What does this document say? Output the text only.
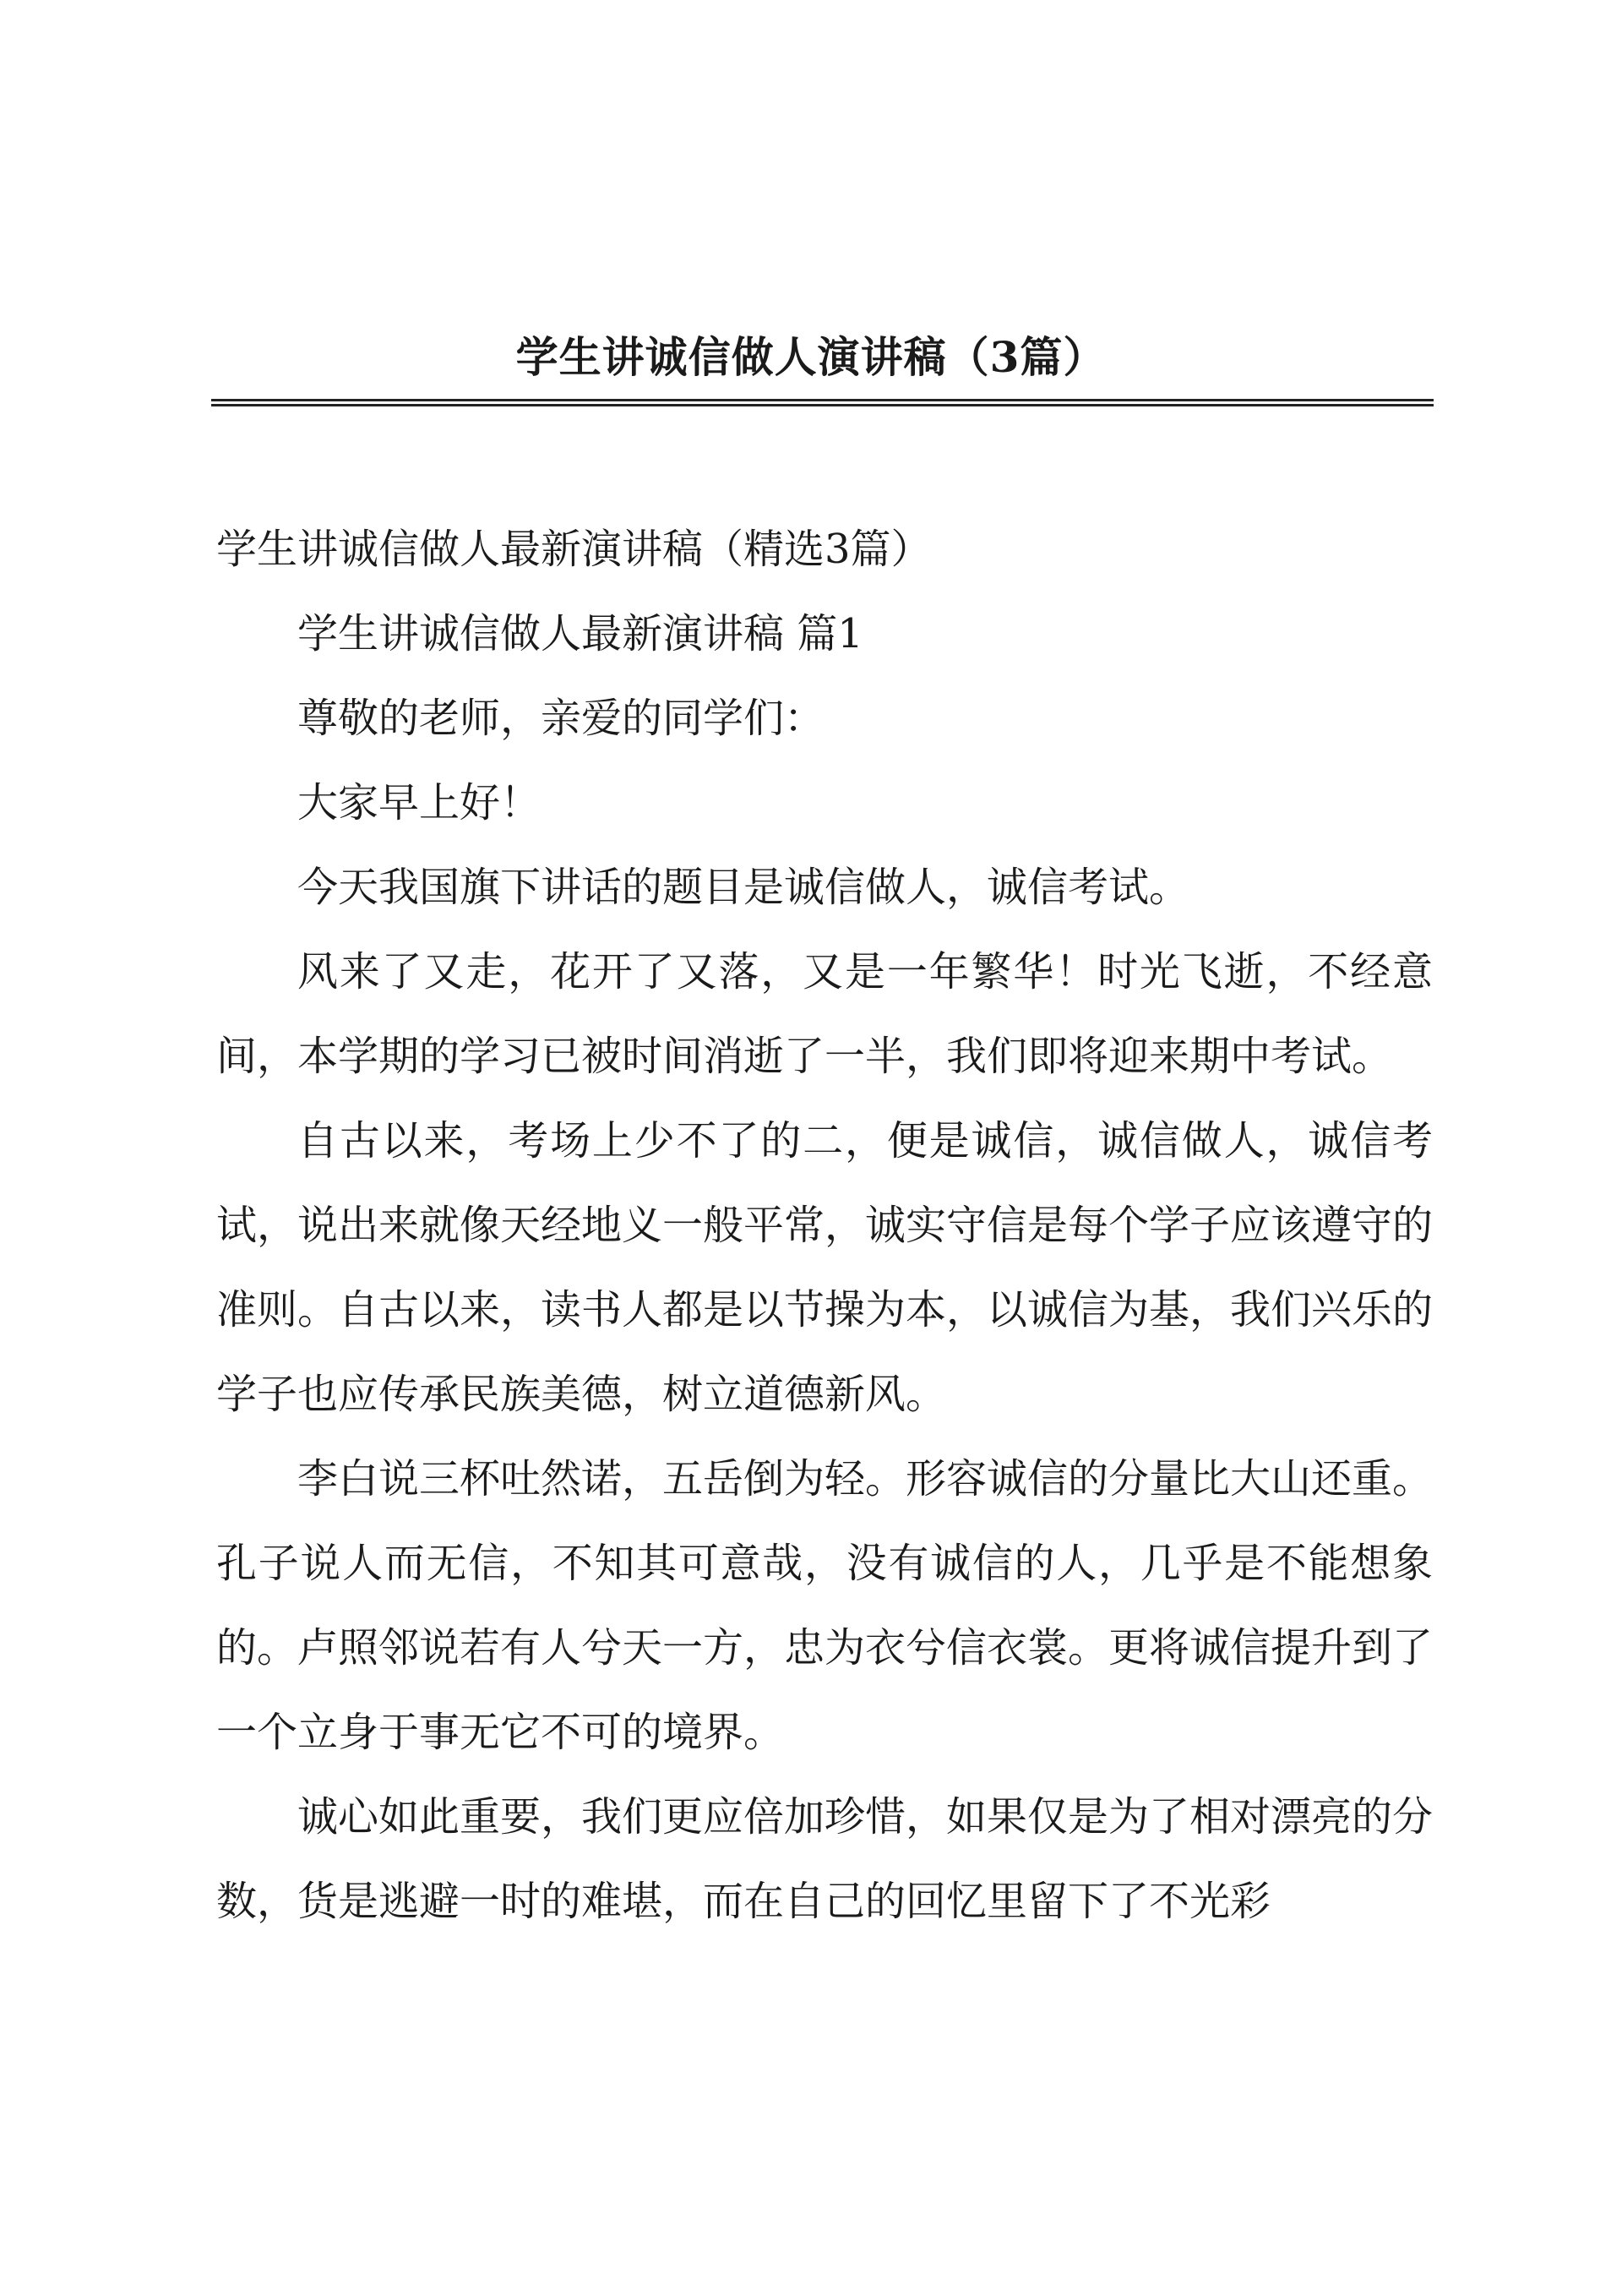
学生讲诚信做人演讲稿（3篇）

学生讲诚信做人最新演讲稿（精选3篇）

学生讲诚信做人最新演讲稿 篇1

尊敬的老师，亲爱的同学们：

大家早上好！

今天我国旗下讲话的题目是诚信做人，诚信考试。

风来了又走，花开了又落，又是一年繁华！时光飞逝，不经意间，本学期的学习已被时间消逝了一半，我们即将迎来期中考试。

自古以来，考场上少不了的二，便是诚信，诚信做人，诚信考试，说出来就像天经地义一般平常，诚实守信是每个学子应该遵守的准则。自古以来，读书人都是以节操为本，以诚信为基，我们兴乐的学子也应传承民族美德，树立道德新风。

李白说三杯吐然诺，五岳倒为轻。形容诚信的分量比大山还重。孔子说人而无信，不知其可意哉，没有诚信的人，几乎是不能想象的。卢照邻说若有人兮天一方，忠为衣兮信衣裳。更将诚信提升到了一个立身于事无它不可的境界。

诚心如此重要，我们更应倍加珍惜，如果仅是为了相对漂亮的分数，货是逃避一时的难堪，而在自己的回忆里留下了不光彩
